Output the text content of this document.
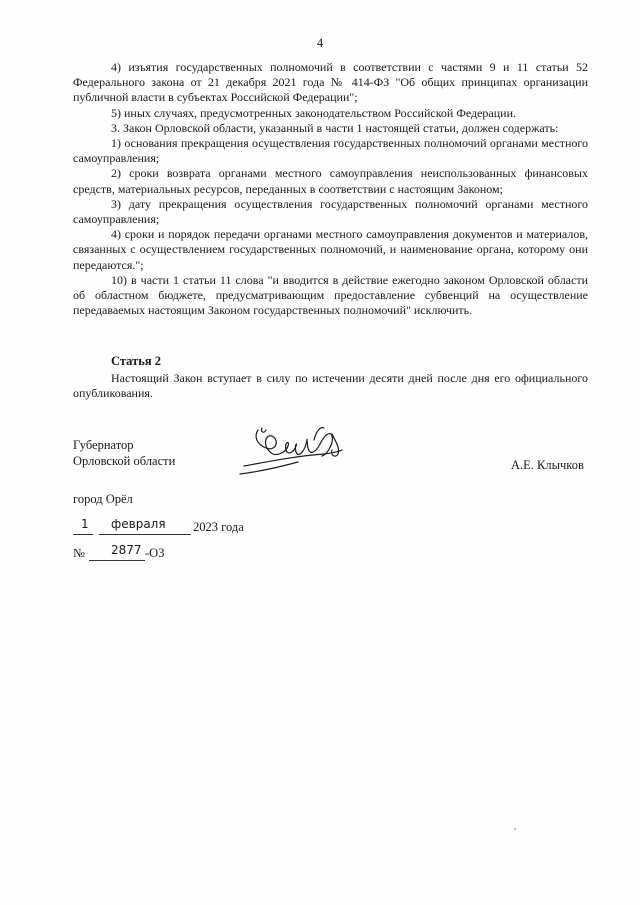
4

4) изъятия государственных полномочий в соответствии с частями 9 и 11 статьи 52 Федерального закона от 21 декабря 2021 года № 414-ФЗ "Об общих принципах организации публичной власти в субъектах Российской Федерации";

5) иных случаях, предусмотренных законодательством Российской Федерации.

3. Закон Орловской области, указанный в части 1 настоящей статьи, должен содержать:

1) основания прекращения осуществления государственных полномочий органами местного самоуправления;

2) сроки возврата органами местного самоуправления неиспользованных финансовых средств, материальных ресурсов, переданных в соответствии с настоящим Законом;

3) дату прекращения осуществления государственных полномочий органами местного самоуправления;

4) сроки и порядок передачи органами местного самоуправления документов и материалов, связанных с осуществлением государственных полномочий, и наименование органа, которому они передаются.";

10) в части 1 статьи 11 слова "и вводится в действие ежегодно законом Орловской области об областном бюджете, предусматривающим предоставление субвенций на осуществление передаваемых настоящим Законом государственных полномочий" исключить.

Статья 2

Настоящий Закон вступает в силу по истечении десяти дней после дня его официального опубликования.

Губернатор
Орловской области	А.Е. Клычков
город Орёл
1 февраля 2023 года
№ 2877 -ОЗ
